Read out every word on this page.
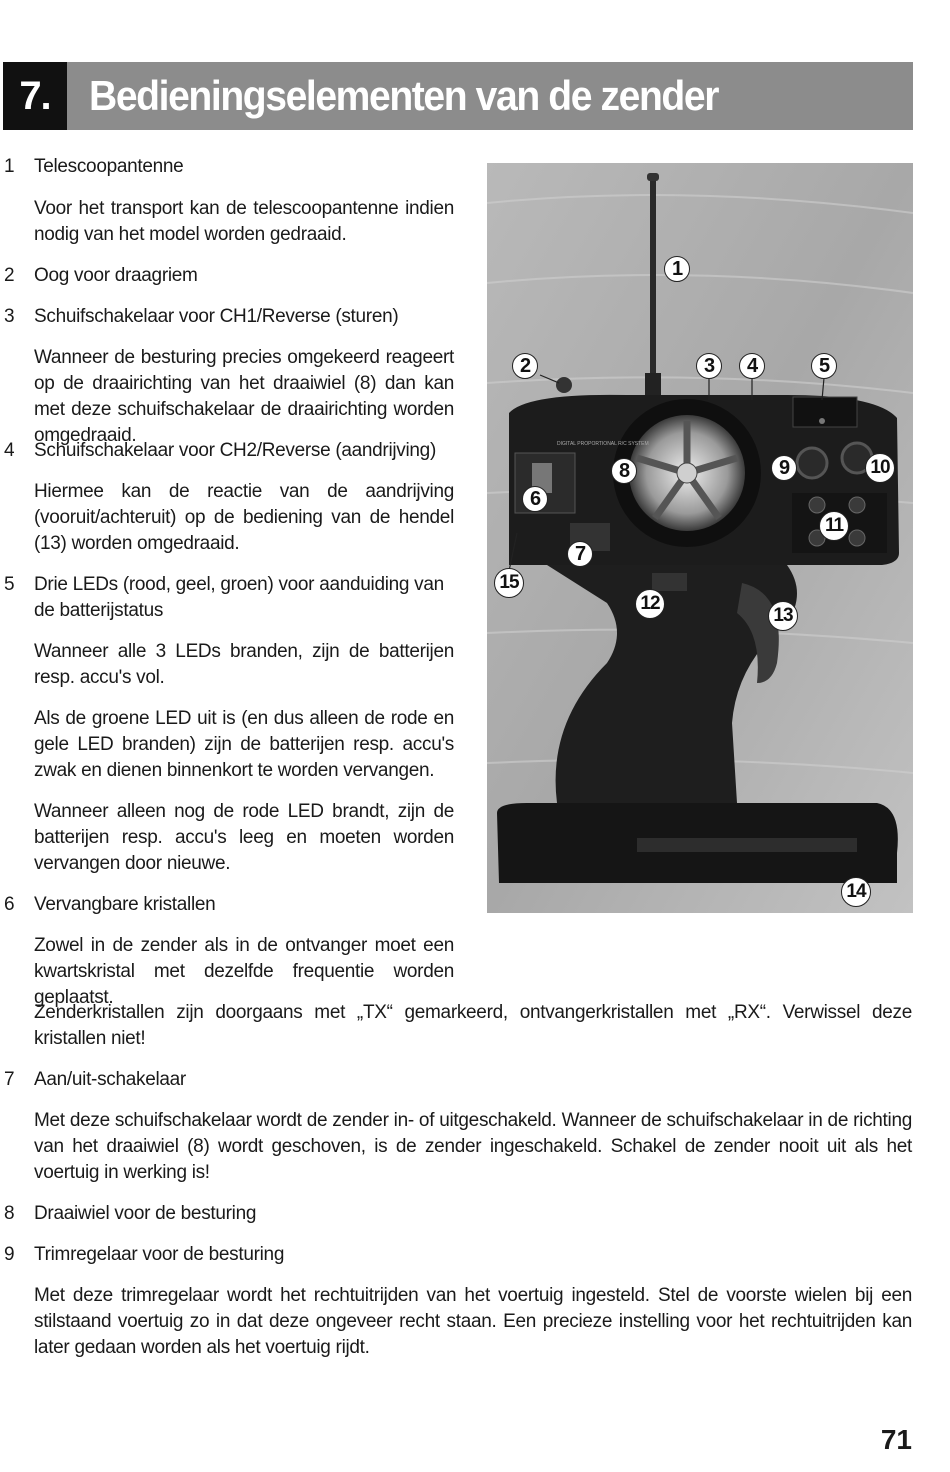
7. Bedieningselementen van de zender
1 Telescoopantenne
Voor het transport kan de telescoopantenne indien nodig van het model worden gedraaid.
2 Oog voor draagriem
3 Schuifschakelaar voor CH1/Reverse (sturen)
Wanneer de besturing precies omgekeerd reageert op de draairichting van het draaiwiel (8) dan kan met deze schuifschakelaar de draairichting worden omgedraaid.
4 Schuifschakelaar voor CH2/Reverse (aandrijving)
Hiermee kan de reactie van de aandrijving (vooruit/achteruit) op de bediening van de hendel (13) worden omgedraaid.
5 Drie LEDs (rood, geel, groen) voor aanduiding van de batterijstatus
Wanneer alle 3 LEDs branden, zijn de batterijen resp. accu's vol.
Als de groene LED uit is (en dus alleen de rode en gele LED branden) zijn de batterijen resp. accu's zwak en dienen binnenkort te worden vervangen.
Wanneer alleen nog de rode LED brandt, zijn de batterijen resp. accu's leeg en moeten worden vervangen door nieuwe.
6 Vervangbare kristallen
Zowel in de zender als in de ontvanger moet een kwartskristal met dezelfde frequentie worden geplaatst.
Zenderkristallen zijn doorgaans met „TX“ gemarkeerd, ontvangerkristallen met „RX“. Verwissel deze kristallen niet!
7 Aan/uit-schakelaar
Met deze schuifschakelaar wordt de zender in- of uitgeschakeld. Wanneer de schuifschakelaar in de richting van het draaiwiel (8) wordt geschoven, is de zender ingeschakeld. Schakel de zender nooit uit als het voertuig in werking is!
8 Draaiwiel voor de besturing
9 Trimregelaar voor de besturing
Met deze trimregelaar wordt het rechtuitrijden van het voertuig ingesteld. Stel de voorste wielen bij een stilstaand voertuig zo in dat deze ongeveer recht staan. Een precieze instelling voor het rechtuitrijden kan later gedaan worden als het voertuig rijdt.
DIGITAL PROPORTIONAL R/C SYSTEM
1
2	3	4	5
6
7
8	9	10
11
12
13
14
15
71
